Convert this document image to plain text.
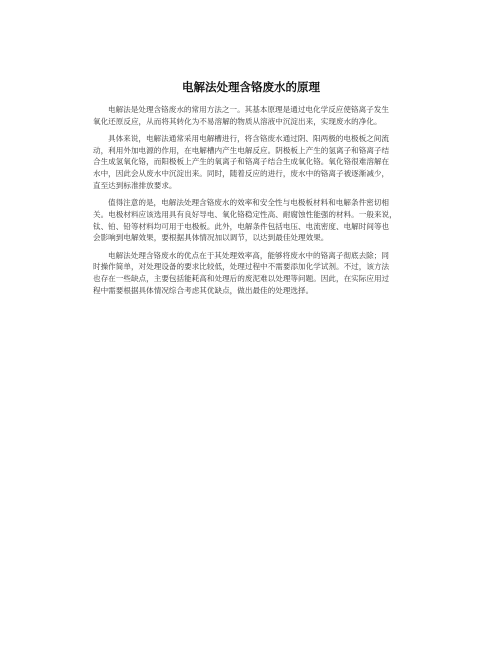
电解法处理含铬废水的原理

电解法是处理含铬废水的常用方法之一。其基本原理是通过电化学反应使铬离子发生
氧化还原反应，从而将其转化为不易溶解的物质从溶液中沉淀出来，实现废水的净化。

具体来说，电解法通常采用电解槽进行，将含铬废水通过阴、阳两极的电极板之间流
动，利用外加电源的作用，在电解槽内产生电解反应。阴极板上产生的氢离子和铬离子结
合生成氢氧化铬，而阳极板上产生的氧离子和铬离子结合生成氧化铬。氧化铬很难溶解在
水中，因此会从废水中沉淀出来。同时，随着反应的进行，废水中的铬离子被逐渐减少，
直至达到标准排放要求。

值得注意的是，电解法处理含铬废水的效率和安全性与电极板材料和电解条件密切相
关。电极材料应该选用具有良好导电、氧化铬稳定性高、耐腐蚀性能强的材料。一般来说，
钛、铂、铅等材料均可用于电极板。此外，电解条件包括电压、电流密度、电解时间等也
会影响到电解效果，要根据具体情况加以调节，以达到最佳处理效果。

电解法处理含铬废水的优点在于其处理效率高，能够将废水中的铬离子彻底去除；同
时操作简单，对处理设备的要求比较低，处理过程中不需要添加化学试剂。不过，该方法
也存在一些缺点，主要包括能耗高和处理后的废泥难以处理等问题。因此，在实际应用过
程中需要根据具体情况综合考虑其优缺点，做出最佳的处理选择。
